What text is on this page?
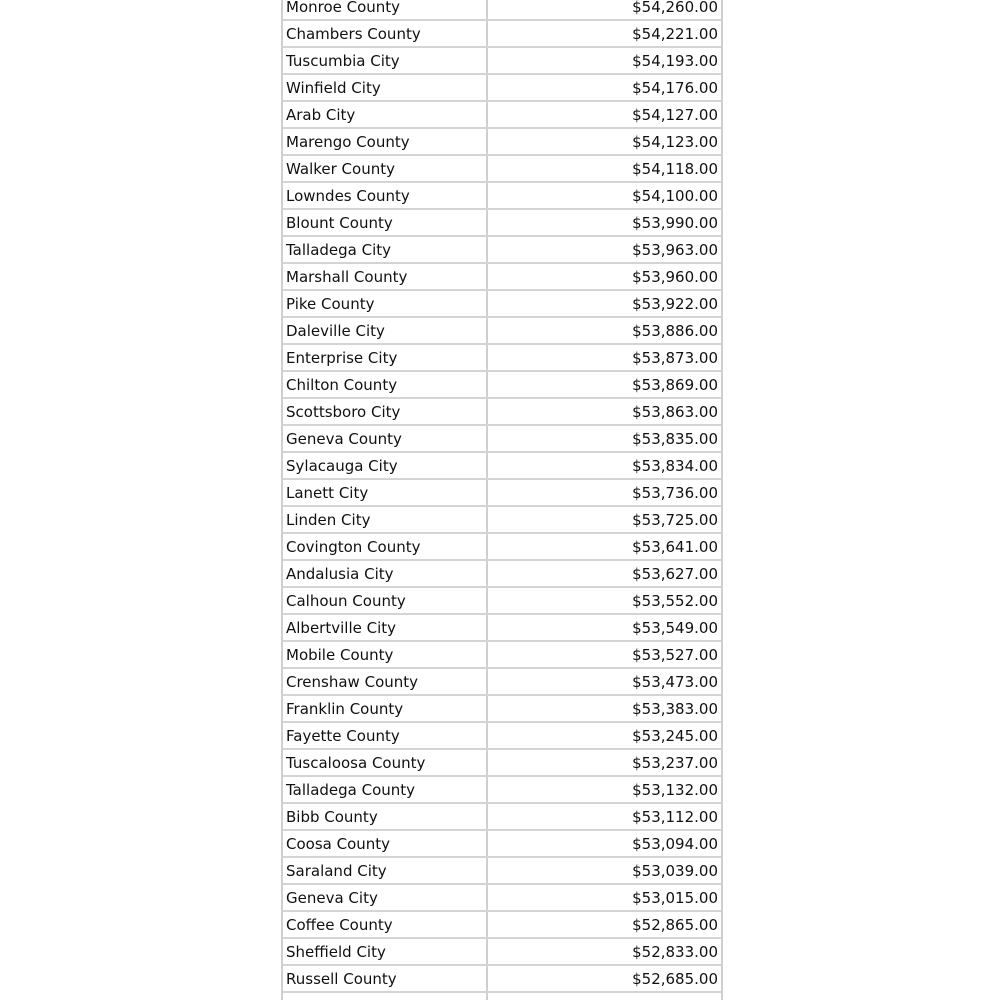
Monroe County	$54,260.00
Chambers County	$54,221.00
Tuscumbia City	$54,193.00
Winfield City	$54,176.00
Arab City	$54,127.00
Marengo County	$54,123.00
Walker County	$54,118.00
Lowndes County	$54,100.00
Blount County	$53,990.00
Talladega City	$53,963.00
Marshall County	$53,960.00
Pike County	$53,922.00
Daleville City	$53,886.00
Enterprise City	$53,873.00
Chilton County	$53,869.00
Scottsboro City	$53,863.00
Geneva County	$53,835.00
Sylacauga City	$53,834.00
Lanett City	$53,736.00
Linden City	$53,725.00
Covington County	$53,641.00
Andalusia City	$53,627.00
Calhoun County	$53,552.00
Albertville City	$53,549.00
Mobile County	$53,527.00
Crenshaw County	$53,473.00
Franklin County	$53,383.00
Fayette County	$53,245.00
Tuscaloosa County	$53,237.00
Talladega County	$53,132.00
Bibb County	$53,112.00
Coosa County	$53,094.00
Saraland City	$53,039.00
Geneva City	$53,015.00
Coffee County	$52,865.00
Sheffield City	$52,833.00
Russell County	$52,685.00
